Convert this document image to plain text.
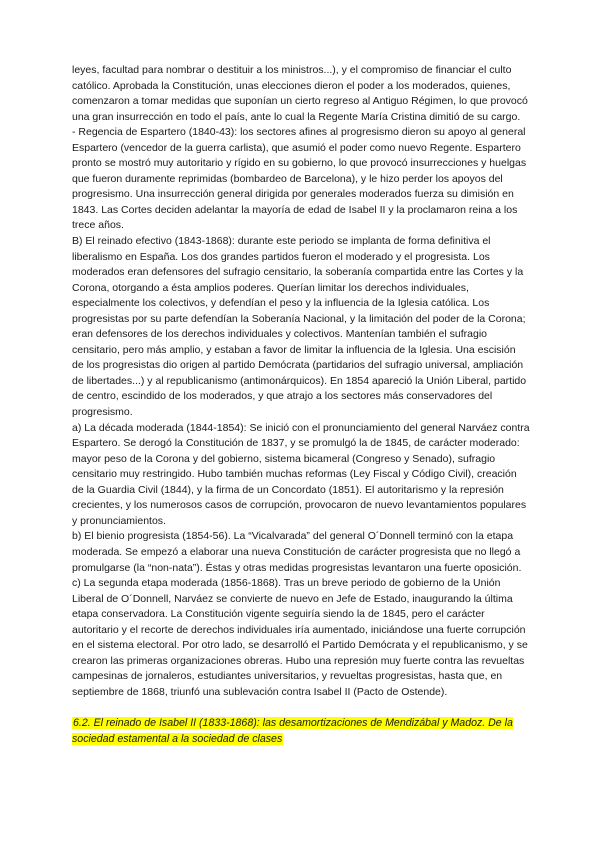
leyes, facultad para nombrar o destituir a los ministros...), y el compromiso de financiar el culto católico. Aprobada la Constitución, unas elecciones dieron el poder a los moderados, quienes, comenzaron a tomar medidas que suponían un cierto regreso al Antiguo Régimen, lo que provocó una gran insurrección en todo el país, ante lo cual la Regente María Cristina dimitió de su cargo.

- Regencia de Espartero (1840-43): los sectores afines al progresismo dieron su apoyo al general Espartero (vencedor de la guerra carlista), que asumió el poder como nuevo Regente. Espartero pronto se mostró muy autoritario y rígido en su gobierno, lo que provocó insurrecciones y huelgas que fueron duramente reprimidas (bombardeo de Barcelona), y le hizo perder los apoyos del progresismo. Una insurrección general dirigida por generales moderados fuerza su dimisión en 1843. Las Cortes deciden adelantar la mayoría de edad de Isabel II y la proclamaron reina a los trece años.

B) El reinado efectivo (1843-1868): durante este periodo se implanta de forma definitiva el liberalismo en España. Los dos grandes partidos fueron el moderado y el progresista. Los moderados eran defensores del sufragio censitario, la soberanía compartida entre las Cortes y la Corona, otorgando a ésta amplios poderes. Querían limitar los derechos individuales, especialmente los colectivos, y defendían el peso y la influencia de la Iglesia católica. Los progresistas por su parte defendían la Soberanía Nacional, y la limitación del poder de la Corona; eran defensores de los derechos individuales y colectivos. Mantenían también el sufragio censitario, pero más amplio, y estaban a favor de limitar la influencia de la Iglesia. Una escisión de los progresistas dio origen al partido Demócrata (partidarios del sufragio universal, ampliación de libertades...) y al republicanismo (antimonárquicos). En 1854 apareció la Unión Liberal, partido de centro, escindido de los moderados, y que atrajo a los sectores más conservadores del progresismo.

a) La década moderada (1844-1854): Se inició con el pronunciamiento del general Narváez contra Espartero. Se derogó la Constitución de 1837, y se promulgó la de 1845, de carácter moderado: mayor peso de la Corona y del gobierno, sistema bicameral (Congreso y Senado), sufragio censitario muy restringido. Hubo también muchas reformas (Ley Fiscal y Código Civil), creación de la Guardia Civil (1844), y la firma de un Concordato (1851). El autoritarismo y la represión crecientes, y los numerosos casos de corrupción, provocaron de nuevo levantamientos populares y pronunciamientos.

b) El bienio progresista (1854-56). La “Vicalvarada” del general O´Donnell terminó con la etapa moderada. Se empezó a elaborar una nueva Constitución de carácter progresista que no llegó a promulgarse (la “non-nata”). Éstas y otras medidas progresistas levantaron una fuerte oposición.

c) La segunda etapa moderada (1856-1868). Tras un breve periodo de gobierno de la Unión Liberal de O´Donnell, Narváez se convierte de nuevo en Jefe de Estado, inaugurando la última etapa conservadora. La Constitución vigente seguiría siendo la de 1845, pero el carácter autoritario y el recorte de derechos individuales iría aumentado, iniciándose una fuerte corrupción en el sistema electoral. Por otro lado, se desarrolló el Partido Demócrata y el republicanismo, y se crearon las primeras organizaciones obreras. Hubo una represión muy fuerte contra las revueltas campesinas de jornaleros, estudiantes universitarios, y revueltas progresistas, hasta que, en septiembre de 1868, triunfó una sublevación contra Isabel II (Pacto de Ostende).

6.2. El reinado de Isabel II (1833-1868): las desamortizaciones de Mendizábal y Madoz. De la sociedad estamental a la sociedad de clases
